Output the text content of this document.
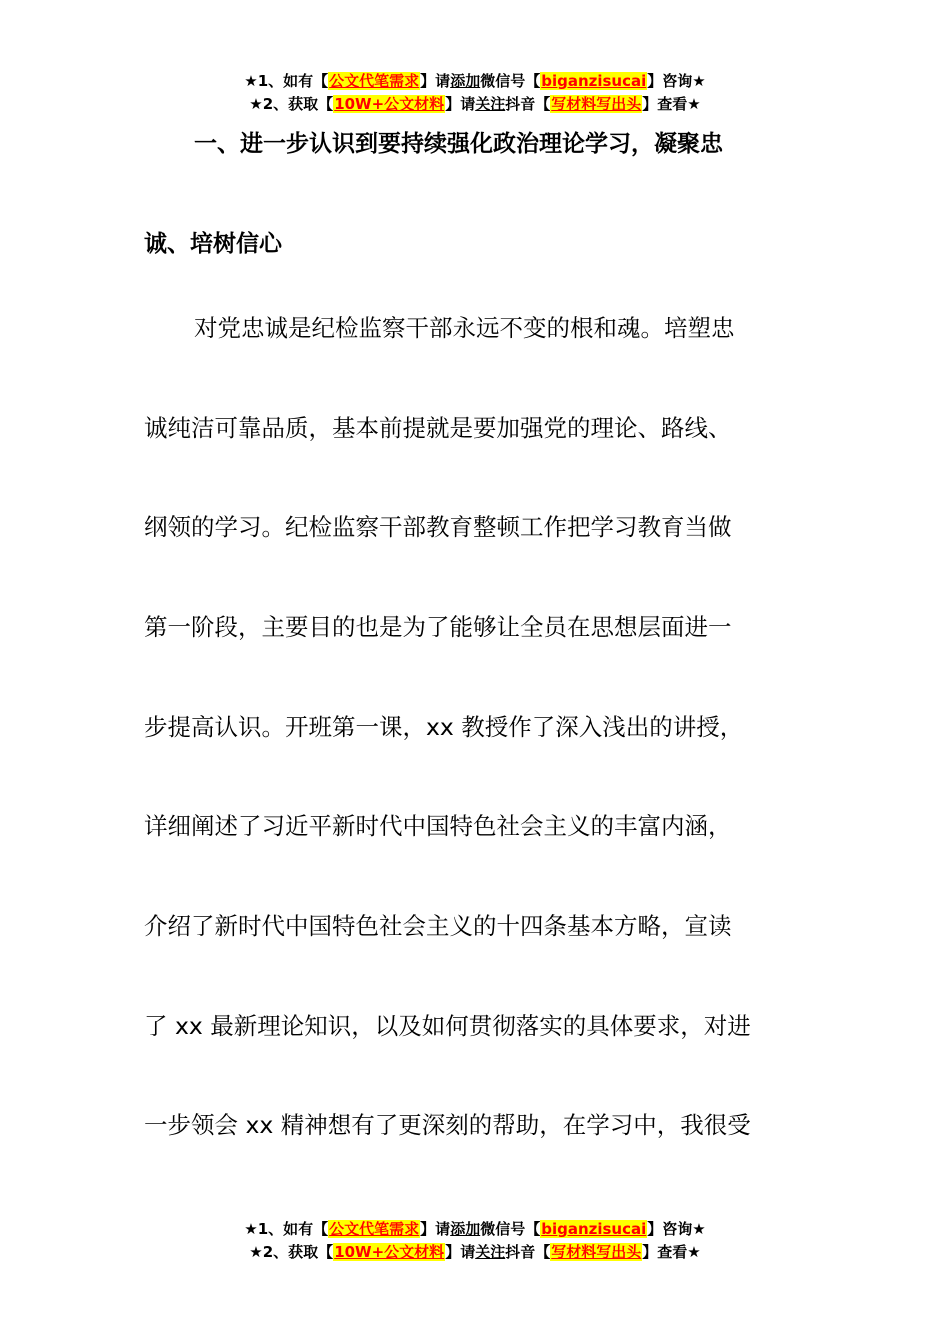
★1、如有【公文代笔需求】请添加微信号【biganzisucai】咨询★
★2、获取【10W+公文材料】请关注抖音【写材料写出头】查看★
一、进一步认识到要持续强化政治理论学习，凝聚忠
诚、培树信心
对党忠诚是纪检监察干部永远不变的根和魂。培塑忠
诚纯洁可靠品质，基本前提就是要加强党的理论、路线、
纲领的学习。纪检监察干部教育整顿工作把学习教育当做
第一阶段，主要目的也是为了能够让全员在思想层面进一
步提高认识。开班第一课，xx 教授作了深入浅出的讲授，
详细阐述了习近平新时代中国特色社会主义的丰富内涵，
介绍了新时代中国特色社会主义的十四条基本方略，宣读
了 xx 最新理论知识，以及如何贯彻落实的具体要求，对进
一步领会 xx 精神想有了更深刻的帮助，在学习中，我很受
★1、如有【公文代笔需求】请添加微信号【biganzisucai】咨询★
★2、获取【10W+公文材料】请关注抖音【写材料写出头】查看★
